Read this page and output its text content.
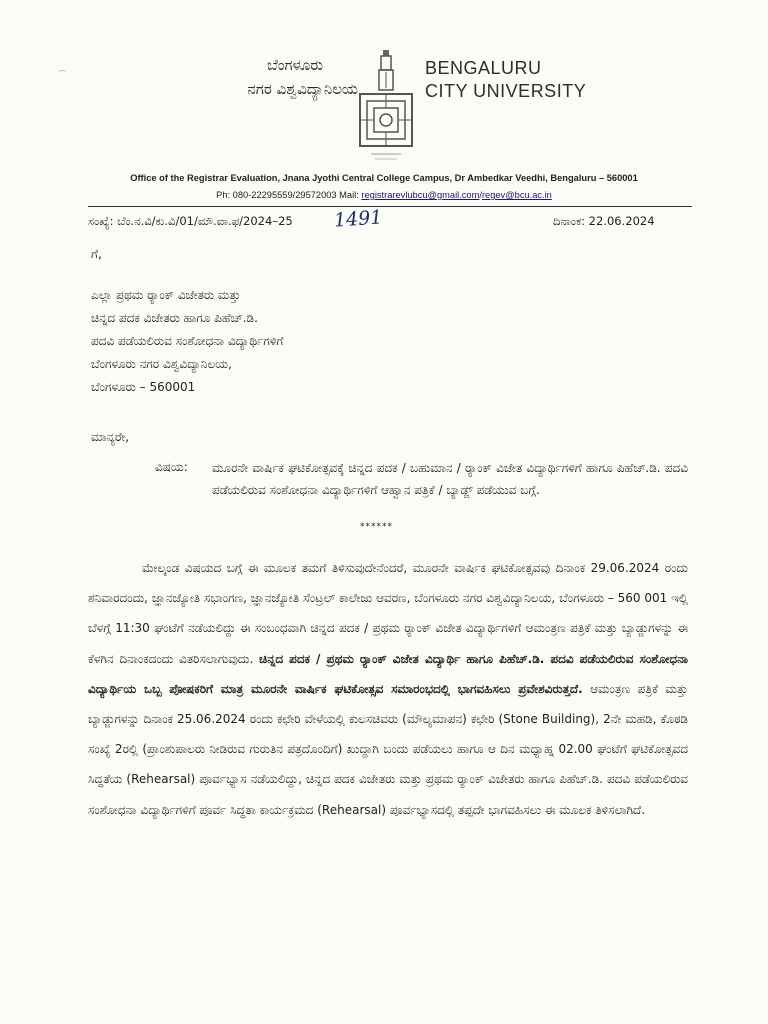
ಬೆಂಗಳೂರು
ನಗರ ವಿಶ್ವವಿದ್ಯಾನಿಲಯ
BENGALURU
CITY UNIVERSITY
Office of the Registrar Evaluation, Jnana Jyothi Central College Campus, Dr Ambedkar Veedhi, Bengaluru – 560001
Ph: 080-22295559/29572003 Mail: registrarevlubcu@gmail.com/regev@bcu.ac.in
ಸಂಖ್ಯೆ: ಬೆಂ.ನ.ವಿ/ಕು.ವಿ/01/ಮೌ.ವಾ.ಫ/2024–25 1491	ದಿನಾಂಕ: 22.06.2024
ಗೆ,
ಎಲ್ಲಾ ಪ್ರಥಮ ರ್‍ಯಾಂಕ್ ವಿಜೇತರು ಮತ್ತು
ಚಿನ್ನದ ಪದಕ ವಿಜೇತರು ಹಾಗೂ ಪಿಹೆಚ್.ಡಿ.
ಪದವಿ ಪಡೆಯಲಿರುವ ಸಂಶೋಧನಾ ವಿದ್ಯಾರ್ಥಿಗಳಿಗೆ
ಬೆಂಗಳೂರು ನಗರ ವಿಶ್ವವಿದ್ಯಾನಿಲಯ,
ಬೆಂಗಳೂರು – 560001
ಮಾನ್ಯರೇ,
ವಿಷಯ: ಮೂರನೇ ವಾರ್ಷಿಕ ಘಟಿಕೋತ್ಸವಕ್ಕೆ ಚಿನ್ನದ ಪದಕ / ಬಹುಮಾನ / ರ್‍ಯಾಂಕ್ ವಿಜೇತ ವಿದ್ಯಾರ್ಥಿಗಳಿಗೆ ಹಾಗೂ ಪಿಹೆಚ್.ಡಿ. ಪದವಿ ಪಡೆಯಲಿರುವ ಸಂಶೋಧನಾ ವಿದ್ಯಾರ್ಥಿಗಳಿಗೆ ಆಹ್ವಾನ ಪತ್ರಿಕೆ / ಬ್ಯಾಡ್ಜ್ ಪಡೆಯುವ ಬಗ್ಗೆ.
******
ಮೇಲ್ಕಂಡ ವಿಷಯದ ಬಗ್ಗೆ ಈ ಮೂಲಕ ತಮಗೆ ತಿಳಿಸುವುದೇನೆಂದರೆ, ಮೂರನೇ ವಾರ್ಷಿಕ ಘಟಿಕೋತ್ಸವವು ದಿನಾಂಕ 29.06.2024 ರಂದು ಶನಿವಾರದಂದು, ಜ್ಞಾನಜ್ಯೋತಿ ಸಭಾಂಗಣ, ಜ್ಞಾನಜ್ಯೋತಿ ಸೆಂಟ್ರಲ್ ಕಾಲೇಜು ಆವರಣ, ಬೆಂಗಳೂರು ನಗರ ವಿಶ್ವವಿದ್ಯಾನಿಲಯ, ಬೆಂಗಳೂರು – 560 001 ಇಲ್ಲಿ ಬೆಳಗ್ಗೆ 11:30 ಘಂಟೆಗೆ ನಡೆಯಲಿದ್ದು ಈ ಸಂಬಂಧವಾಗಿ ಚಿನ್ನದ ಪದಕ / ಪ್ರಥಮ ರ್‍ಯಾಂಕ್ ವಿಜೇತ ವಿದ್ಯಾರ್ಥಿಗಳಿಗೆ ಆಮಂತ್ರಣ ಪತ್ರಿಕೆ ಮತ್ತು ಬ್ಯಾಡ್ಜುಗಳನ್ನು ಈ ಕೆಳಗಿನ ದಿನಾಂಕದಂದು ವಿತರಿಸಲಾಗುವುದು. ಚಿನ್ನದ ಪದಕ / ಪ್ರಥಮ ರ್‍ಯಾಂಕ್ ವಿಜೇತ ವಿದ್ಯಾರ್ಥಿ ಹಾಗೂ ಪಿಹೆಚ್.ಡಿ. ಪದವಿ ಪಡೆಯಲಿರುವ ಸಂಶೋಧನಾ ವಿದ್ಯಾರ್ಥಿಯ ಒಬ್ಬ ಪೋಷಕರಿಗೆ ಮಾತ್ರ ಮೂರನೇ ವಾರ್ಷಿಕ ಘಟಿಕೋತ್ಸವ ಸಮಾರಂಭದಲ್ಲಿ ಭಾಗವಹಿಸಲು ಪ್ರವೇಶವಿರುತ್ತದೆ. ಆಮಂತ್ರಣ ಪತ್ರಿಕೆ ಮತ್ತು ಬ್ಯಾಡ್ಜುಗಳನ್ನು ದಿನಾಂಕ 25.06.2024 ರಂದು ಕಛೇರಿ ವೇಳೆಯಲ್ಲಿ ಕುಲಸಚಿವರು (ಮೌಲ್ಯಮಾಪನ) ಕಛೇರಿ (Stone Building), 2ನೇ ಮಹಡಿ, ಕೊಠಡಿ ಸಂಖ್ಯೆ 2ರಲ್ಲಿ (ಪ್ರಾಂಶುಪಾಲರು ನೀಡಿರುವ ಗುರುತಿನ ಪತ್ರದೊಂದಿಗೆ) ಖುದ್ದಾಗಿ ಬಂದು ಪಡೆಯಲು ಹಾಗೂ ಆ ದಿನ ಮಧ್ಯಾಹ್ನ 02.00 ಘಂಟೆಗೆ ಘಟಿಕೋತ್ಸವದ ಸಿದ್ಧತೆಯ (Rehearsal) ಪೂರ್ವಭ್ಯಾಸ ನಡೆಯಲಿದ್ದು, ಚಿನ್ನದ ಪದಕ ವಿಜೇತರು ಮತ್ತು ಪ್ರಥಮ ರ್‍ಯಾಂಕ್ ವಿಜೇತರು ಹಾಗೂ ಪಿಹೆಚ್.ಡಿ. ಪದವಿ ಪಡೆಯಲಿರುವ ಸಂಶೋಧನಾ ವಿದ್ಯಾರ್ಥಿಗಳಿಗೆ ಪೂರ್ವ ಸಿದ್ಧತಾ ಕಾರ್ಯಕ್ರಮದ (Rehearsal) ಪೂರ್ವಭ್ಯಾಸದಲ್ಲಿ ತಪ್ಪದೇ ಭಾಗವಹಿಸಲು ಈ ಮೂಲಕ ತಿಳಿಸಲಾಗಿದೆ.
